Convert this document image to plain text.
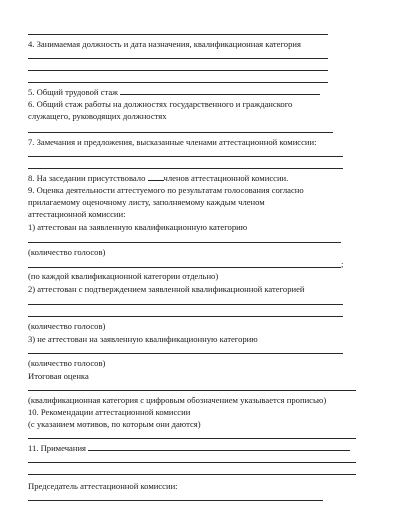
4. Занимаемая должность и дата назначения, квалификационная категория
5. Общий трудовой стаж
6. Общий стаж работы на должностях государственного и гражданского
служащего, руководящих должностях
7. Замечания и предложения, высказанные членами аттестационной комиссии:
8. На заседании присутствовало членов аттестационной комиссии.
9. Оценка деятельности аттестуемого по результатам голосования согласно
прилагаемому оценочному листу, заполняемому каждым членом
аттестационной комиссии:
1) аттестован на заявленную квалификационную категорию
(количество голосов)
;
(по каждой квалификационной категории отдельно)
2) аттестован с подтверждением заявленной квалификационной категорией
(количество голосов)
3) не аттестован на заявленную квалификационную категорию
(количество голосов)
Итоговая оценка
(квалификационная категория с цифровым обозначением указывается прописью)
10. Рекомендации аттестационной комиссии
(с указанием мотивов, по которым они даются)
11. Примечания
Председатель аттестационной комиссии:
